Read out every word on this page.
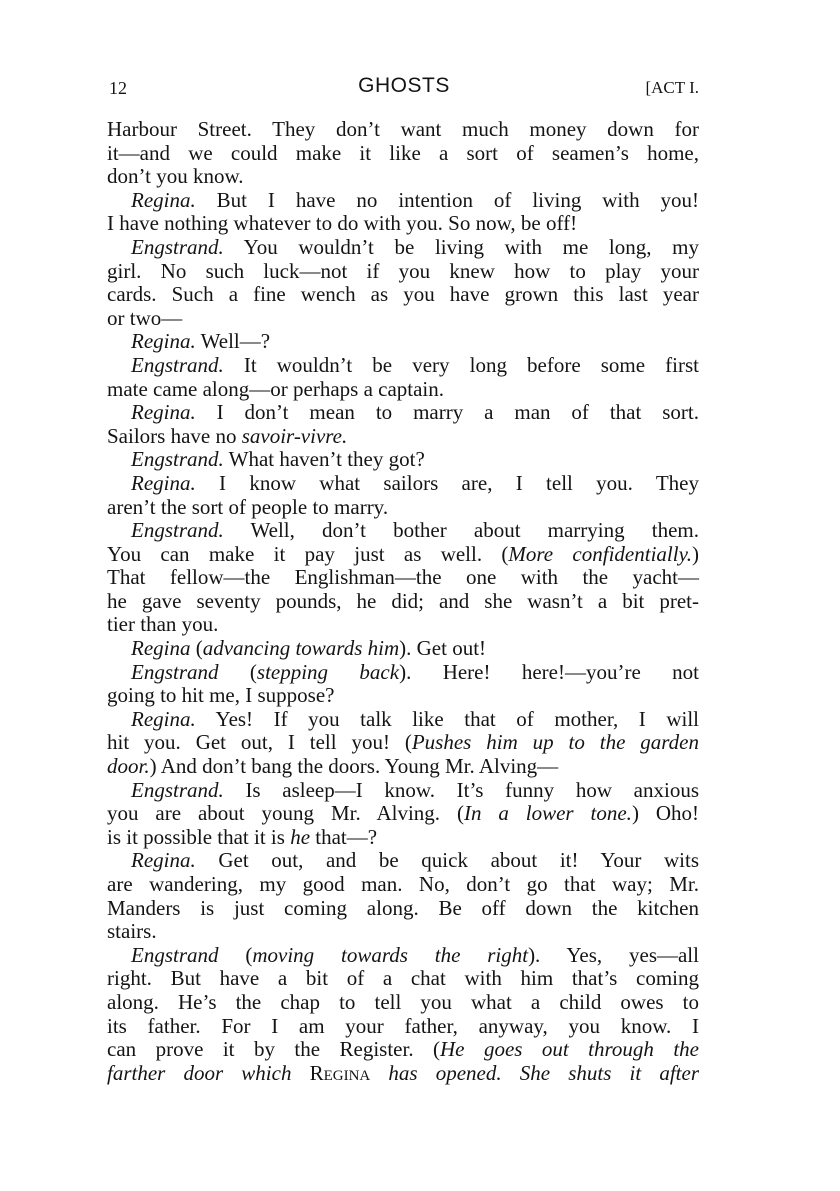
12	GHOSTS	[ACT I.
Harbour Street. They don’t want much money down for
it—and we could make it like a sort of seamen’s home,
don’t you know.
Regina. But I have no intention of living with you!
I have nothing whatever to do with you. So now, be off!
Engstrand. You wouldn’t be living with me long, my
girl. No such luck—not if you knew how to play your
cards. Such a fine wench as you have grown this last year
or two—
Regina. Well—?
Engstrand. It wouldn’t be very long before some first
mate came along—or perhaps a captain.
Regina. I don’t mean to marry a man of that sort.
Sailors have no savoir-vivre.
Engstrand. What haven’t they got?
Regina. I know what sailors are, I tell you. They
aren’t the sort of people to marry.
Engstrand. Well, don’t bother about marrying them.
You can make it pay just as well. (More confidentially.)
That fellow—the Englishman—the one with the yacht—
he gave seventy pounds, he did; and she wasn’t a bit pret-
tier than you.
Regina (advancing towards him). Get out!
Engstrand (stepping back). Here! here!—you’re not
going to hit me, I suppose?
Regina. Yes! If you talk like that of mother, I will
hit you. Get out, I tell you! (Pushes him up to the garden
door.) And don’t bang the doors. Young Mr. Alving—
Engstrand. Is asleep—I know. It’s funny how anxious
you are about young Mr. Alving. (In a lower tone.) Oho!
is it possible that it is he that—?
Regina. Get out, and be quick about it! Your wits
are wandering, my good man. No, don’t go that way; Mr.
Manders is just coming along. Be off down the kitchen
stairs.
Engstrand (moving towards the right). Yes, yes—all
right. But have a bit of a chat with him that’s coming
along. He’s the chap to tell you what a child owes to
its father. For I am your father, anyway, you know. I
can prove it by the Register. (He goes out through the
farther door which Regina has opened. She shuts it after
